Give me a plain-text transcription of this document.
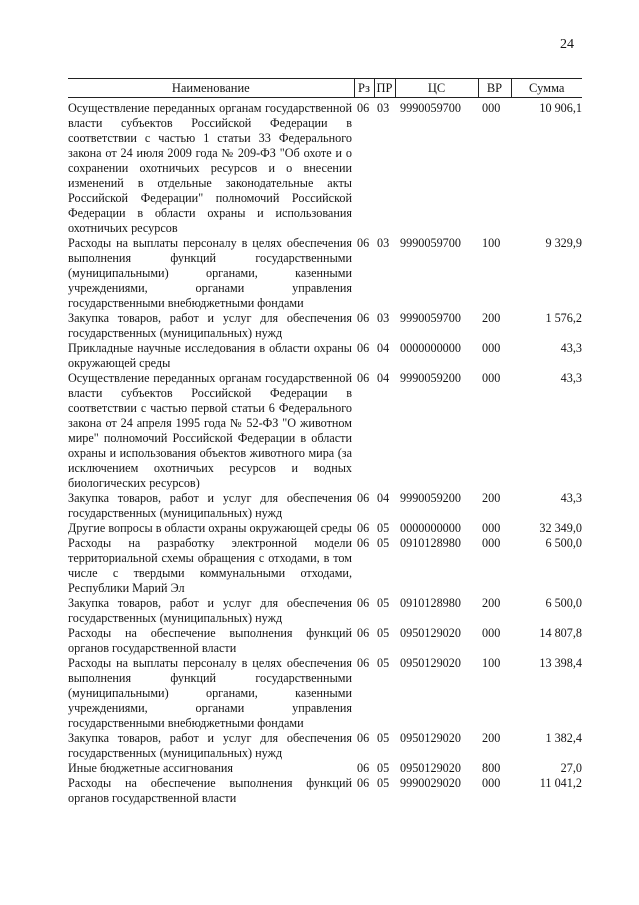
24
Наименование	Рз	ПР	ЦС	ВР	Сумма
Осуществление переданных органам государственной власти субъектов Российской Федерации в соответствии с частью 1 статьи 33 Федерального закона от 24 июля 2009 года № 209-ФЗ "Об охоте и о сохранении охотничьих ресурсов и о внесении изменений в отдельные законодательные акты Российской Федерации" полномочий Российской Федерации в области охраны и использования охотничьих ресурсов	06	03	9990059700	000	10 906,1
Расходы на выплаты персоналу в целях обеспечения выполнения функций государственными (муниципальными) органами, казенными учреждениями, органами управления государственными внебюджетными фондами	06	03	9990059700	100	9 329,9
Закупка товаров, работ и услуг для обеспечения государственных (муниципальных) нужд	06	03	9990059700	200	1 576,2
Прикладные научные исследования в области охраны окружающей среды	06	04	0000000000	000	43,3
Осуществление переданных органам государственной власти субъектов Российской Федерации в соответствии с частью первой статьи 6 Федерального закона от 24 апреля 1995 года № 52-ФЗ "О животном мире" полномочий Российской Федерации в области охраны и использования объектов животного мира (за исключением охотничьих ресурсов и водных биологических ресурсов)	06	04	9990059200	000	43,3
Закупка товаров, работ и услуг для обеспечения государственных (муниципальных) нужд	06	04	9990059200	200	43,3
Другие вопросы в области охраны окружающей среды	06	05	0000000000	000	32 349,0
Расходы на разработку электронной модели территориальной схемы обращения с отходами, в том числе с твердыми коммунальными отходами, Республики Марий Эл	06	05	0910128980	000	6 500,0
Закупка товаров, работ и услуг для обеспечения государственных (муниципальных) нужд	06	05	0910128980	200	6 500,0
Расходы на обеспечение выполнения функций органов государственной власти	06	05	0950129020	000	14 807,8
Расходы на выплаты персоналу в целях обеспечения выполнения функций государственными (муниципальными) органами, казенными учреждениями, органами управления государственными внебюджетными фондами	06	05	0950129020	100	13 398,4
Закупка товаров, работ и услуг для обеспечения государственных (муниципальных) нужд	06	05	0950129020	200	1 382,4
Иные бюджетные ассигнования	06	05	0950129020	800	27,0
Расходы на обеспечение выполнения функций органов государственной власти	06	05	9990029020	000	11 041,2
